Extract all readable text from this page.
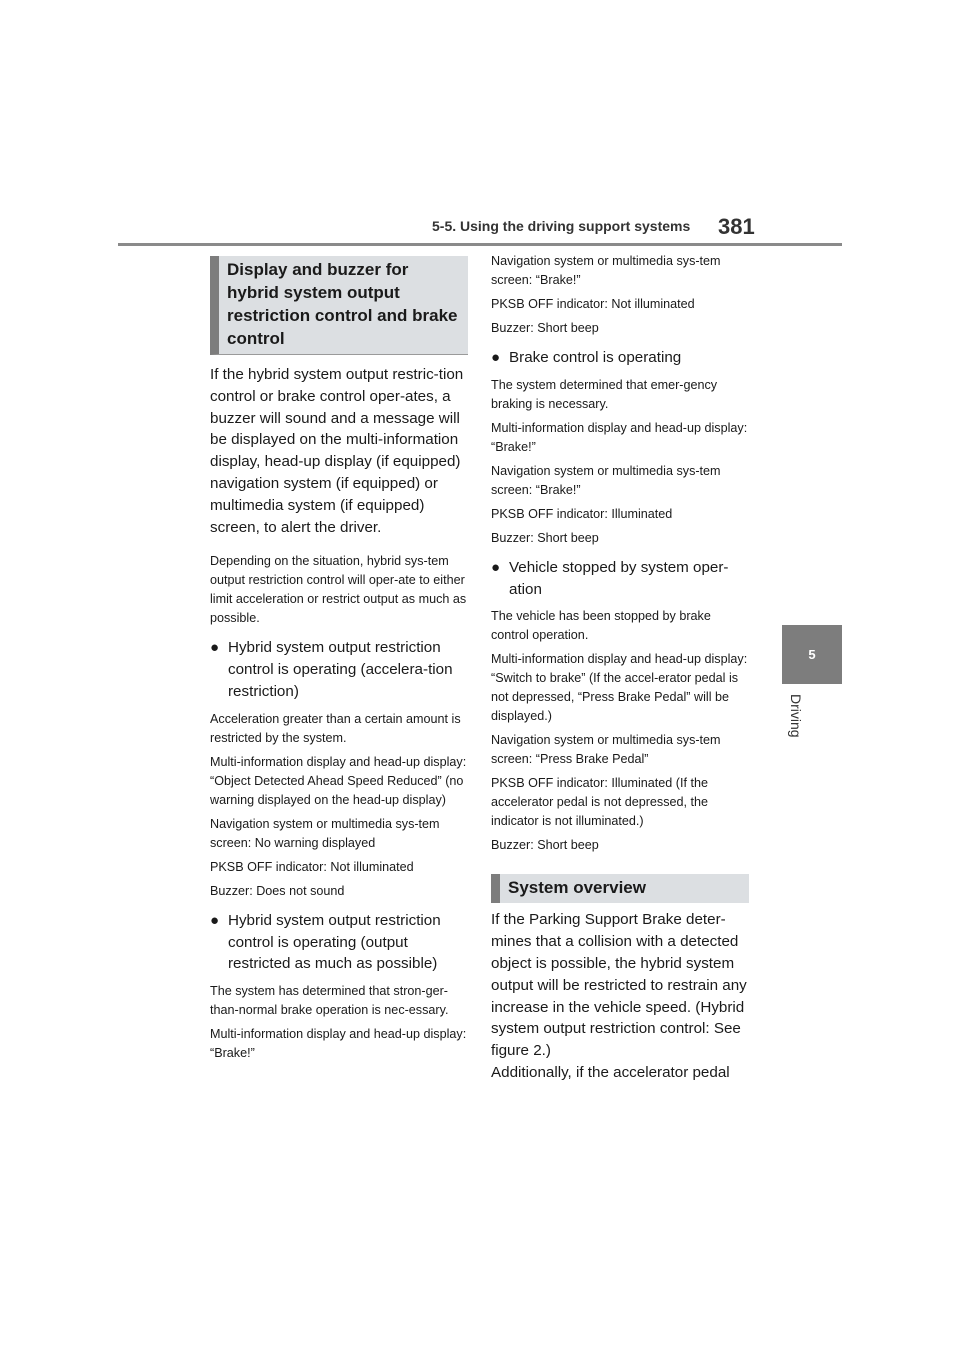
5-5. Using the driving support systems 381
5
Driving
Display and buzzer for hybrid system output restriction control and brake control

If the hybrid system output restric-tion control or brake control oper-ates, a buzzer will sound and a message will be displayed on the multi-information display, head-up display (if equipped) navigation system (if equipped) or multimedia system (if equipped) screen, to alert the driver.

Depending on the situation, hybrid sys-tem output restriction control will oper-ate to either limit acceleration or restrict output as much as possible.

● Hybrid system output restriction control is operating (accelera-tion restriction)

Acceleration greater than a certain amount is restricted by the system.

Multi-information display and head-up display: “Object Detected Ahead Speed Reduced” (no warning displayed on the head-up display)

Navigation system or multimedia sys-tem screen: No warning displayed

PKSB OFF indicator: Not illuminated

Buzzer: Does not sound

● Hybrid system output restriction control is operating (output restricted as much as possible)

The system has determined that stron-ger-than-normal brake operation is nec-essary.

Multi-information display and head-up display: “Brake!”

Navigation system or multimedia sys-tem screen: “Brake!”

PKSB OFF indicator: Not illuminated

Buzzer: Short beep

● Brake control is operating

The system determined that emer-gency braking is necessary.

Multi-information display and head-up display: “Brake!”

Navigation system or multimedia sys-tem screen: “Brake!”

PKSB OFF indicator: Illuminated

Buzzer: Short beep

● Vehicle stopped by system oper-ation

The vehicle has been stopped by brake control operation.

Multi-information display and head-up display: “Switch to brake” (If the accel-erator pedal is not depressed, “Press Brake Pedal” will be displayed.)

Navigation system or multimedia sys-tem screen: “Press Brake Pedal”

PKSB OFF indicator: Illuminated (If the accelerator pedal is not depressed, the indicator is not illuminated.)

Buzzer: Short beep

System overview

If the Parking Support Brake deter-mines that a collision with a detected object is possible, the hybrid system output will be restricted to restrain any increase in the vehicle speed. (Hybrid system output restriction control: See figure 2.)

Additionally, if the accelerator pedal
